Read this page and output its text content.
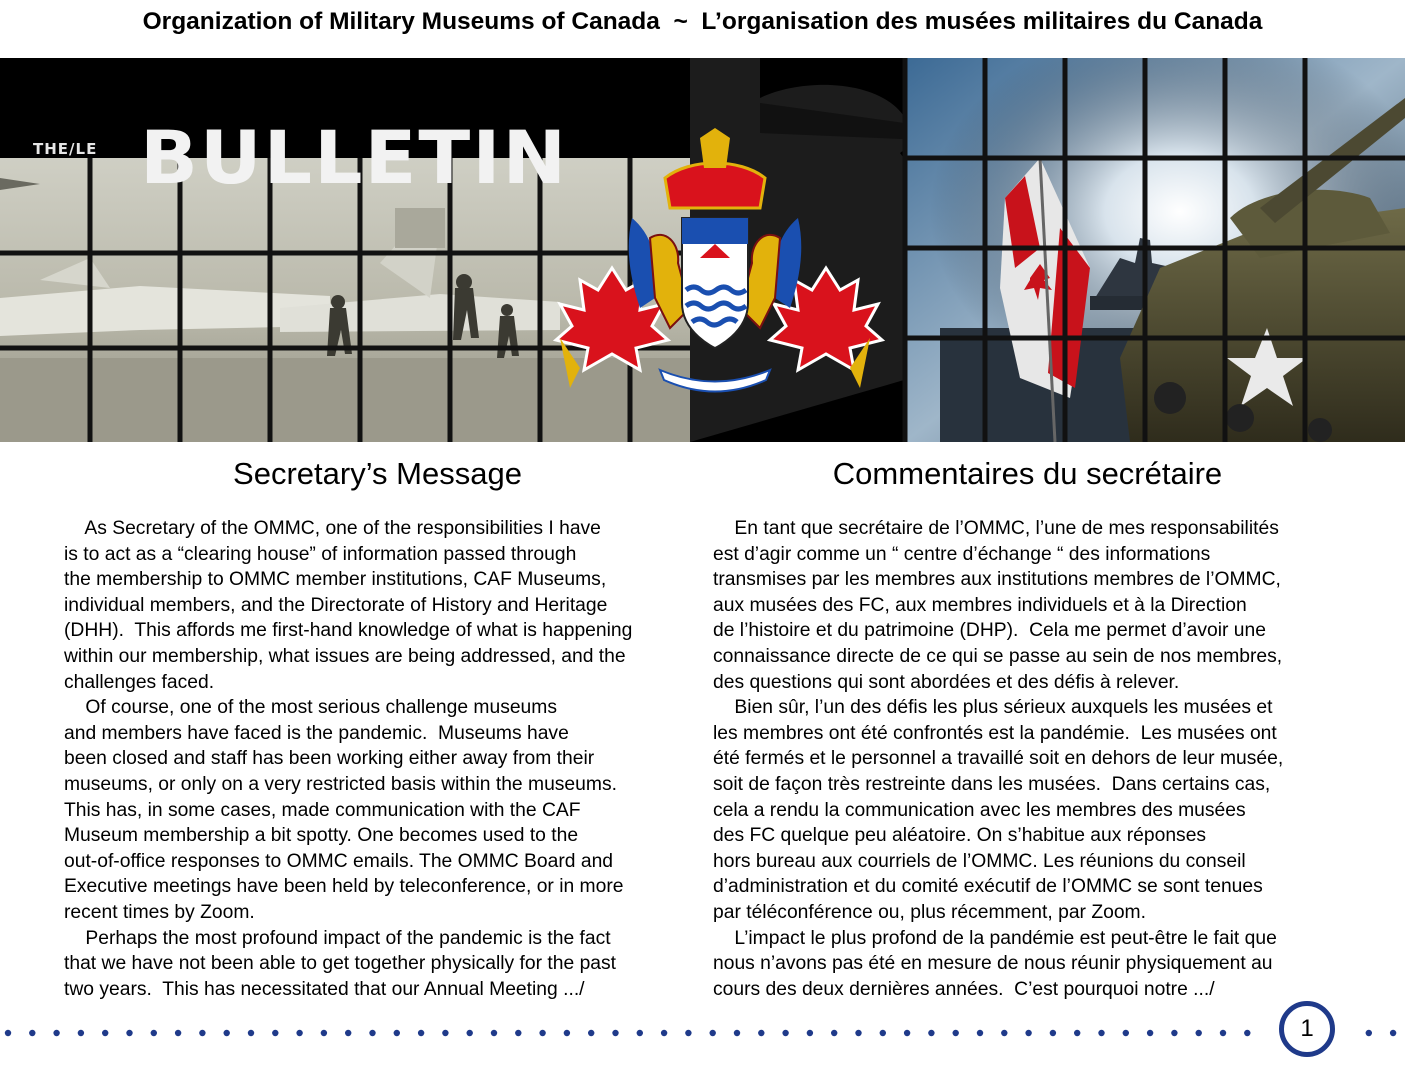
Organization of Military Museums of Canada  ~  L’organisation des musées militaires du Canada
THE/LE BULLETIN
Secretary’s Message	Commentaires du secrétaire
As Secretary of the OMMC, one of the responsibilities I have
is to act as a “clearing house” of information passed through
the membership to OMMC member institutions, CAF Museums,
individual members, and the Directorate of History and Heritage
(DHH).  This affords me first-hand knowledge of what is happening
within our membership, what issues are being addressed, and the
challenges faced.
Of course, one of the most serious challenge museums
and members have faced is the pandemic.  Museums have
been closed and staff has been working either away from their
museums, or only on a very restricted basis within the museums.
This has, in some cases, made communication with the CAF
Museum membership a bit spotty. One becomes used to the
out-of-office responses to OMMC emails. The OMMC Board and
Executive meetings have been held by teleconference, or in more
recent times by Zoom.
Perhaps the most profound impact of the pandemic is the fact
that we have not been able to get together physically for the past
two years.  This has necessitated that our Annual Meeting .../
En tant que secrétaire de l’OMMC, l’une de mes responsabilités
est d’agir comme un “ centre d’échange “ des informations
transmises par les membres aux institutions membres de l’OMMC,
aux musées des FC, aux membres individuels et à la Direction
de l’histoire et du patrimoine (DHP).  Cela me permet d’avoir une
connaissance directe de ce qui se passe au sein de nos membres,
des questions qui sont abordées et des défis à relever.
Bien sûr, l’un des défis les plus sérieux auxquels les musées et
les membres ont été confrontés est la pandémie.  Les musées ont
été fermés et le personnel a travaillé soit en dehors de leur musée,
soit de façon très restreinte dans les musées.  Dans certains cas,
cela a rendu la communication avec les membres des musées
des FC quelque peu aléatoire. On s’habitue aux réponses
hors bureau aux courriels de l’OMMC. Les réunions du conseil
d’administration et du comité exécutif de l’OMMC se sont tenues
par téléconférence ou, plus récemment, par Zoom.
L’impact le plus profond de la pandémie est peut-être le fait que
nous n’avons pas été en mesure de nous réunir physiquement au
cours des deux dernières années.  C’est pourquoi notre .../
1
